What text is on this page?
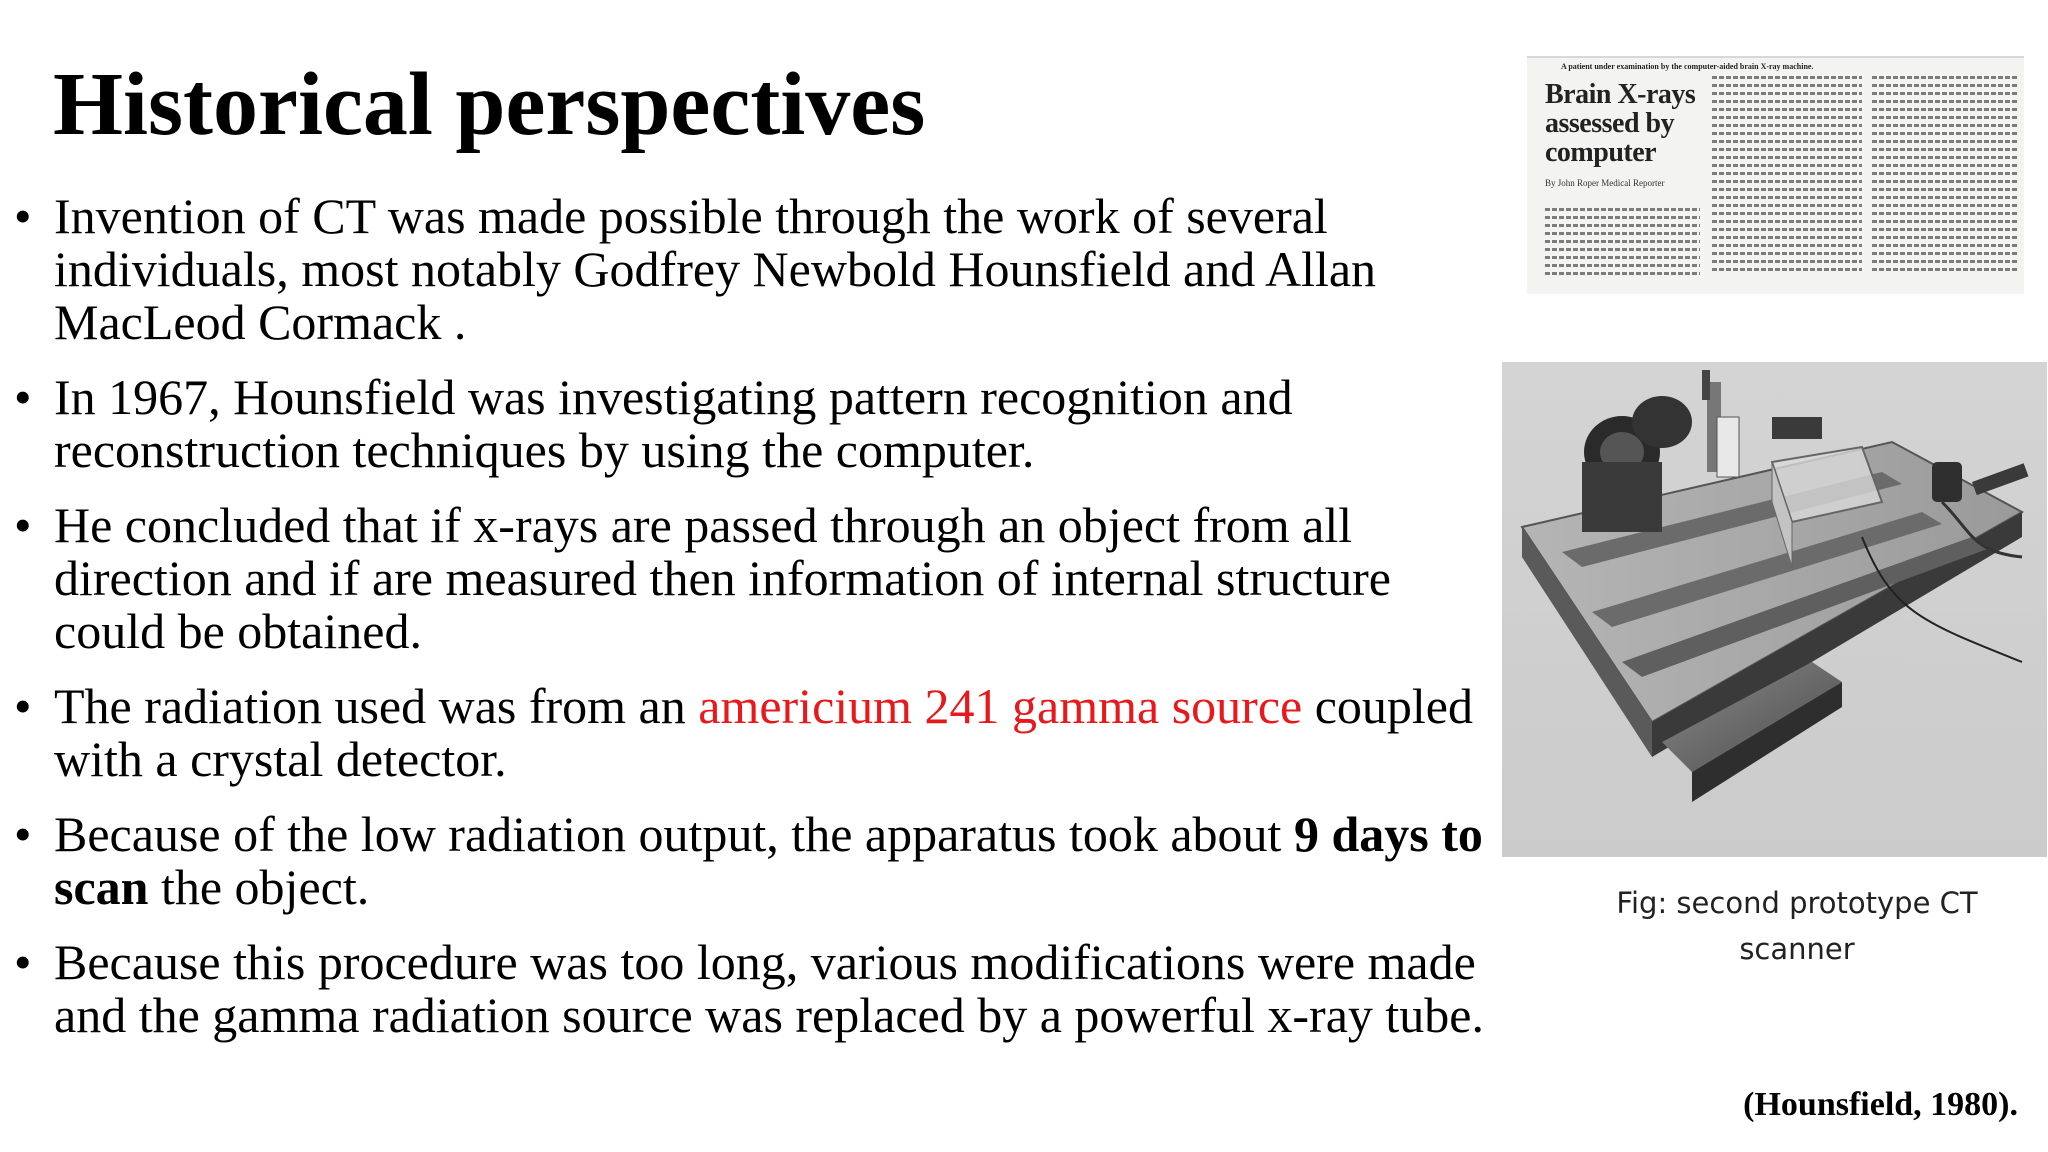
Historical perspectives
• Invention of CT was made possible through the work of several individuals, most notably Godfrey Newbold Hounsfield and Allan MacLeod Cormack .
• In 1967, Hounsfield was investigating pattern recognition and reconstruction techniques by using the computer.
• He concluded that if x-rays are passed through an object from all direction and if are measured then information of internal structure could be obtained.
• The radiation used was from an americium 241 gamma source coupled with a crystal detector.
• Because of the low radiation output, the apparatus took about 9 days to scan the object.
• Because this procedure was too long, various modifications were made and the gamma radiation source was replaced by a powerful x-ray tube.
A patient under examination by the computer-aided brain X-ray machine.
Brain X-rays assessed by computer
By John Roper Medical Reporter
Fig: second prototype CT scanner
(Hounsfield, 1980).
